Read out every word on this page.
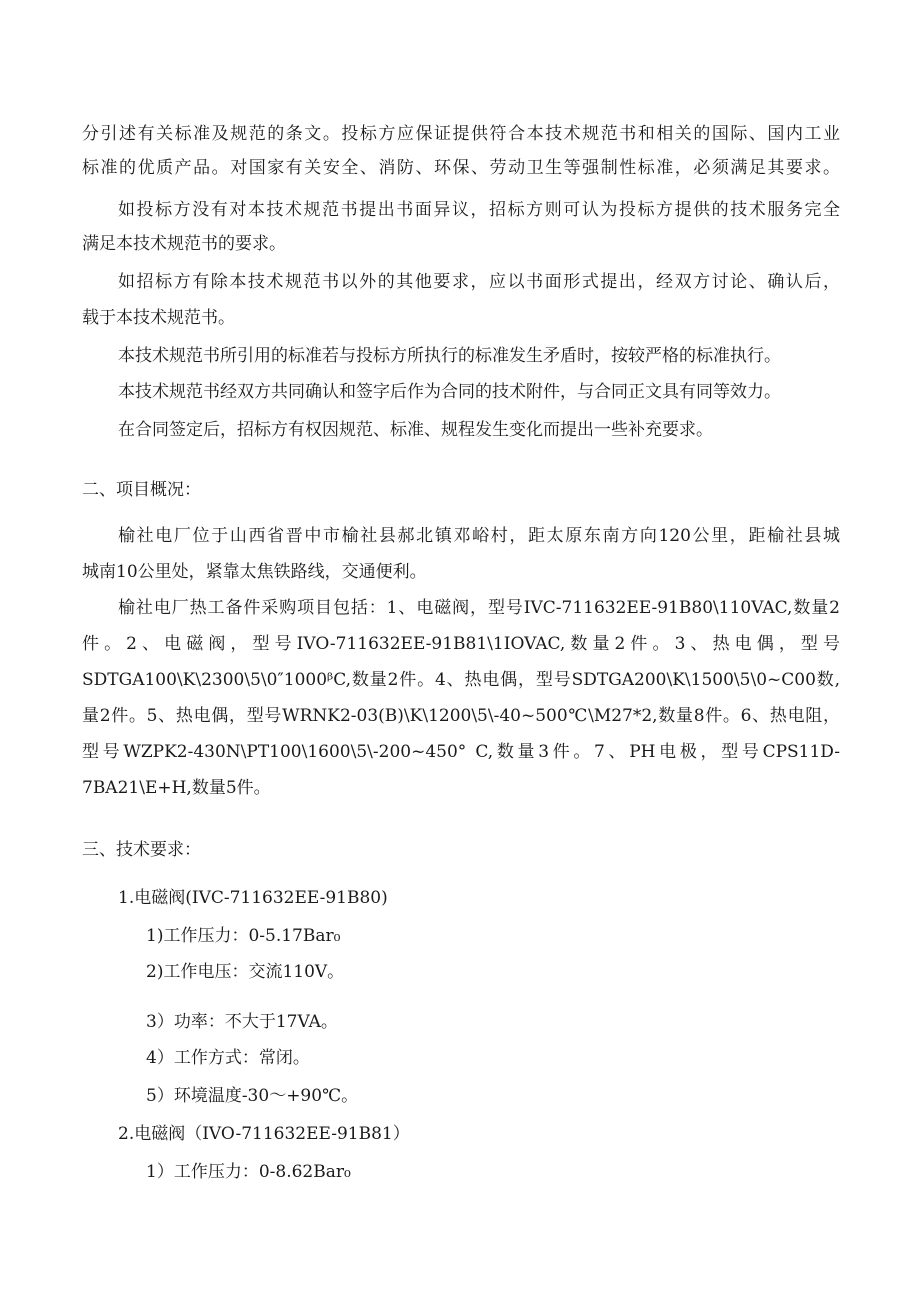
分引述有关标准及规范的条文。投标方应保证提供符合本技术规范书和相关的国际、国内工业
标准的优质产品。对国家有关安全、消防、环保、劳动卫生等强制性标准，必须满足其要求。
如投标方没有对本技术规范书提出书面异议，招标方则可认为投标方提供的技术服务完全
满足本技术规范书的要求。
如招标方有除本技术规范书以外的其他要求，应以书面形式提出，经双方讨论、确认后，
载于本技术规范书。
本技术规范书所引用的标准若与投标方所执行的标准发生矛盾时，按较严格的标准执行。
本技术规范书经双方共同确认和签字后作为合同的技术附件，与合同正文具有同等效力。
在合同签定后，招标方有权因规范、标准、规程发生变化而提出一些补充要求。
二、项目概况：
榆社电厂位于山西省晋中市榆社县郝北镇邓峪村，距太原东南方向120公里，距榆社县城
城南10公里处，紧靠太焦铁路线，交通便利。
榆社电厂热工备件采购项目包括：1、电磁阀，型号IVC-711632EE-91B80\110VAC,数量2
件。2、电磁阀，型号IVO-711632EE-91B81\1IOVAC,数量2件。3、热电偶，型号
SDTGA100\K\2300\5\0″1000ᵝC,数量2件。4、热电偶，型号SDTGA200\K\1500\5\0~C00数,
量2件。5、热电偶，型号WRNK2-03(B)\K\1200\5\-40~500℃\M27*2,数量8件。6、热电阻，
型号WZPK2-430N\PT100\1600\5\-200~450° C,数量3件。7、PH电极，型号CPS11D-
7BA21\E+H,数量5件。
三、技术要求：
1.电磁阀(IVC-711632EE-91B80)
1)工作压力：0-5.17Bar₀
2)工作电压：交流110V。
3）功率：不大于17VA。
4）工作方式：常闭。
5）环境温度-30～+90℃。
2.电磁阀（IVO-711632EE-91B81）
1）工作压力：0-8.62Bar₀
